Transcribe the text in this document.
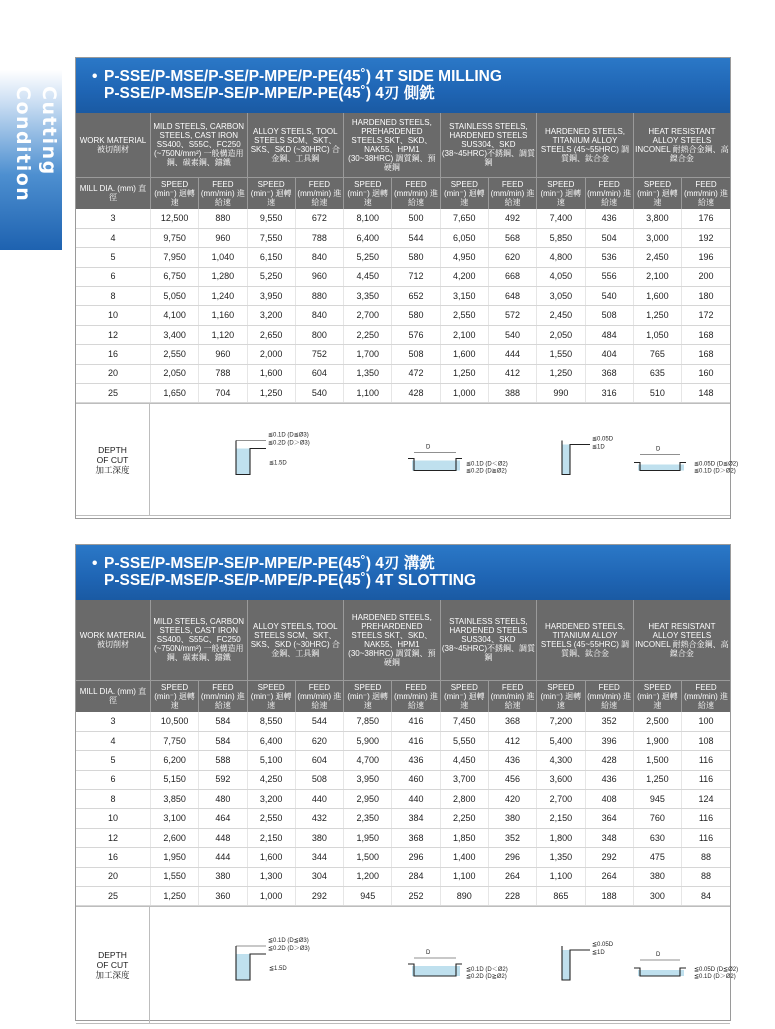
Cutting
Condition
• P-SSE/P-MSE/P-SE/P-MPE/P-PE(45˚) 4T SIDE MILLING
P-SSE/P-MSE/P-SE/P-MPE/P-PE(45˚) 4刃 側銑
WORK MATERIAL
被切削材	MILD STEELS, CARBON STEELS, CAST IRON SS400、S55C、FC250 (~750N/mm²) 一般構造用鋼、碳素鋼、鑄鐵		ALLOY STEELS, TOOL STEELS SCM、SKT、SKS、SKD (~30HRC) 合金鋼、工具鋼		HARDENED STEELS, PREHARDENED STEELS SKT、SKD、NAK55、HPM1 (30~38HRC) 調質鋼、預硬鋼		STAINLESS STEELS, HARDENED STEELS SUS304、SKD (38~45HRC)不銹鋼、調質鋼		HARDENED STEELS, TITANIUM ALLOY STEELS (45~55HRC) 調質鋼、鈦合金		HEAT RESISTANT ALLOY STEELS INCONEL 耐熱合金鋼、高鎳合金	
MILL DIA. (mm) 直徑	SPEED (min⁻) 迴轉速	FEED (mm/min) 進給速	SPEED (min⁻) 迴轉速	FEED (mm/min) 進給速	SPEED (min⁻) 迴轉速	FEED (mm/min) 進給速	SPEED (min⁻) 迴轉速	FEED (mm/min) 進給速	SPEED (min⁻) 迴轉速	FEED (mm/min) 進給速	SPEED (min⁻) 迴轉速	FEED (mm/min) 進給速
3	12,500	880	9,550	672	8,100	500	7,650	492	7,400	436	3,800	176
4	9,750	960	7,550	788	6,400	544	6,050	568	5,850	504	3,000	192
5	7,950	1,040	6,150	840	5,250	580	4,950	620	4,800	536	2,450	196
6	6,750	1,280	5,250	960	4,450	712	4,200	668	4,050	556	2,100	200
8	5,050	1,240	3,950	880	3,350	652	3,150	648	3,050	540	1,600	180
10	4,100	1,160	3,200	840	2,700	580	2,550	572	2,450	508	1,250	172
12	3,400	1,120	2,650	800	2,250	576	2,100	540	2,050	484	1,050	168
16	2,550	960	2,000	752	1,700	508	1,600	444	1,550	404	765	168
20	2,050	788	1,600	604	1,350	472	1,250	412	1,250	368	635	160
25	1,650	704	1,250	540	1,100	428	1,000	388	990	316	510	148
DEPTH
OF CUT
加工深度
≦0.1D (D≦Ø3)
≦0.2D (D＞Ø3)
≦1.5D
D
≦0.1D (D＜Ø2)
≦0.2D (D≧Ø2)
≦0.05D
≦1D	D
≦0.05D (D≦Ø2)
≦0.1D (D＞Ø2)
• P-SSE/P-MSE/P-SE/P-MPE/P-PE(45˚) 4刃 溝銑
P-SSE/P-MSE/P-SE/P-MPE/P-PE(45˚) 4T SLOTTING
WORK MATERIAL
被切削材	MILD STEELS, CARBON STEELS, CAST IRON SS400、S55C、FC250 (~750N/mm²) 一般構造用鋼、碳素鋼、鑄鐵		ALLOY STEELS, TOOL STEELS SCM、SKT、SKS、SKD (~30HRC) 合金鋼、工具鋼		HARDENED STEELS, PREHARDENED STEELS SKT、SKD、NAK55、HPM1 (30~38HRC) 調質鋼、預硬鋼		STAINLESS STEELS, HARDENED STEELS SUS304、SKD (38~45HRC)不銹鋼、調質鋼		HARDENED STEELS, TITANIUM ALLOY STEELS (45~55HRC) 調質鋼、鈦合金		HEAT RESISTANT ALLOY STEELS INCONEL 耐熱合金鋼、高鎳合金	
MILL DIA. (mm) 直徑	SPEED (min⁻) 迴轉速	FEED (mm/min) 進給速	SPEED (min⁻) 迴轉速	FEED (mm/min) 進給速	SPEED (min⁻) 迴轉速	FEED (mm/min) 進給速	SPEED (min⁻) 迴轉速	FEED (mm/min) 進給速	SPEED (min⁻) 迴轉速	FEED (mm/min) 進給速	SPEED (min⁻) 迴轉速	FEED (mm/min) 進給速
3	10,500	584	8,550	544	7,850	416	7,450	368	7,200	352	2,500	100
4	7,750	584	6,400	620	5,900	416	5,550	412	5,400	396	1,900	108
5	6,200	588	5,100	604	4,700	436	4,450	436	4,300	428	1,500	116
6	5,150	592	4,250	508	3,950	460	3,700	456	3,600	436	1,250	116
8	3,850	480	3,200	440	2,950	440	2,800	420	2,700	408	945	124
10	3,100	464	2,550	432	2,350	384	2,250	380	2,150	364	760	116
12	2,600	448	2,150	380	1,950	368	1,850	352	1,800	348	630	116
16	1,950	444	1,600	344	1,500	296	1,400	296	1,350	292	475	88
20	1,550	380	1,300	304	1,200	284	1,100	264	1,100	264	380	88
25	1,250	360	1,000	292	945	252	890	228	865	188	300	84
DEPTH
OF CUT
加工深度
≦0.1D (D≦Ø3)
≦0.2D (D＞Ø3)
≦1.5D
D
≦0.1D (D＜Ø2)
≦0.2D (D≧Ø2)
≦0.05D
≦1D	D
≦0.05D (D≦Ø2)
≦0.1D (D＞Ø2)
